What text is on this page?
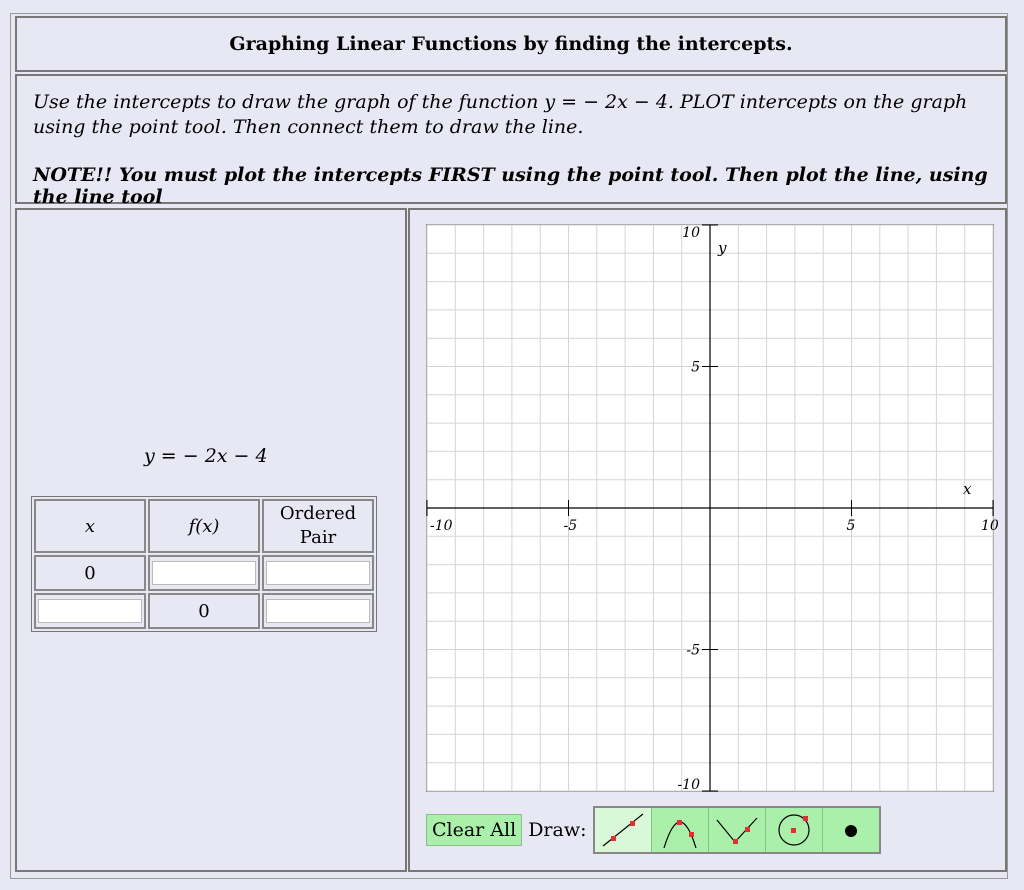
Graphing Linear Functions by finding the intercepts.
Use the intercepts to draw the graph of the function y = − 2x − 4. PLOT intercepts on the graph using the point tool. Then connect them to draw the line.
NOTE!! You must plot the intercepts FIRST using the point tool. Then plot the line, using the line tool
y = − 2x − 4
x	f(x)	Ordered Pair
0		
	0	
-10	-5	5	10
10
5
-5
-10
x
y
Clear All Draw:
